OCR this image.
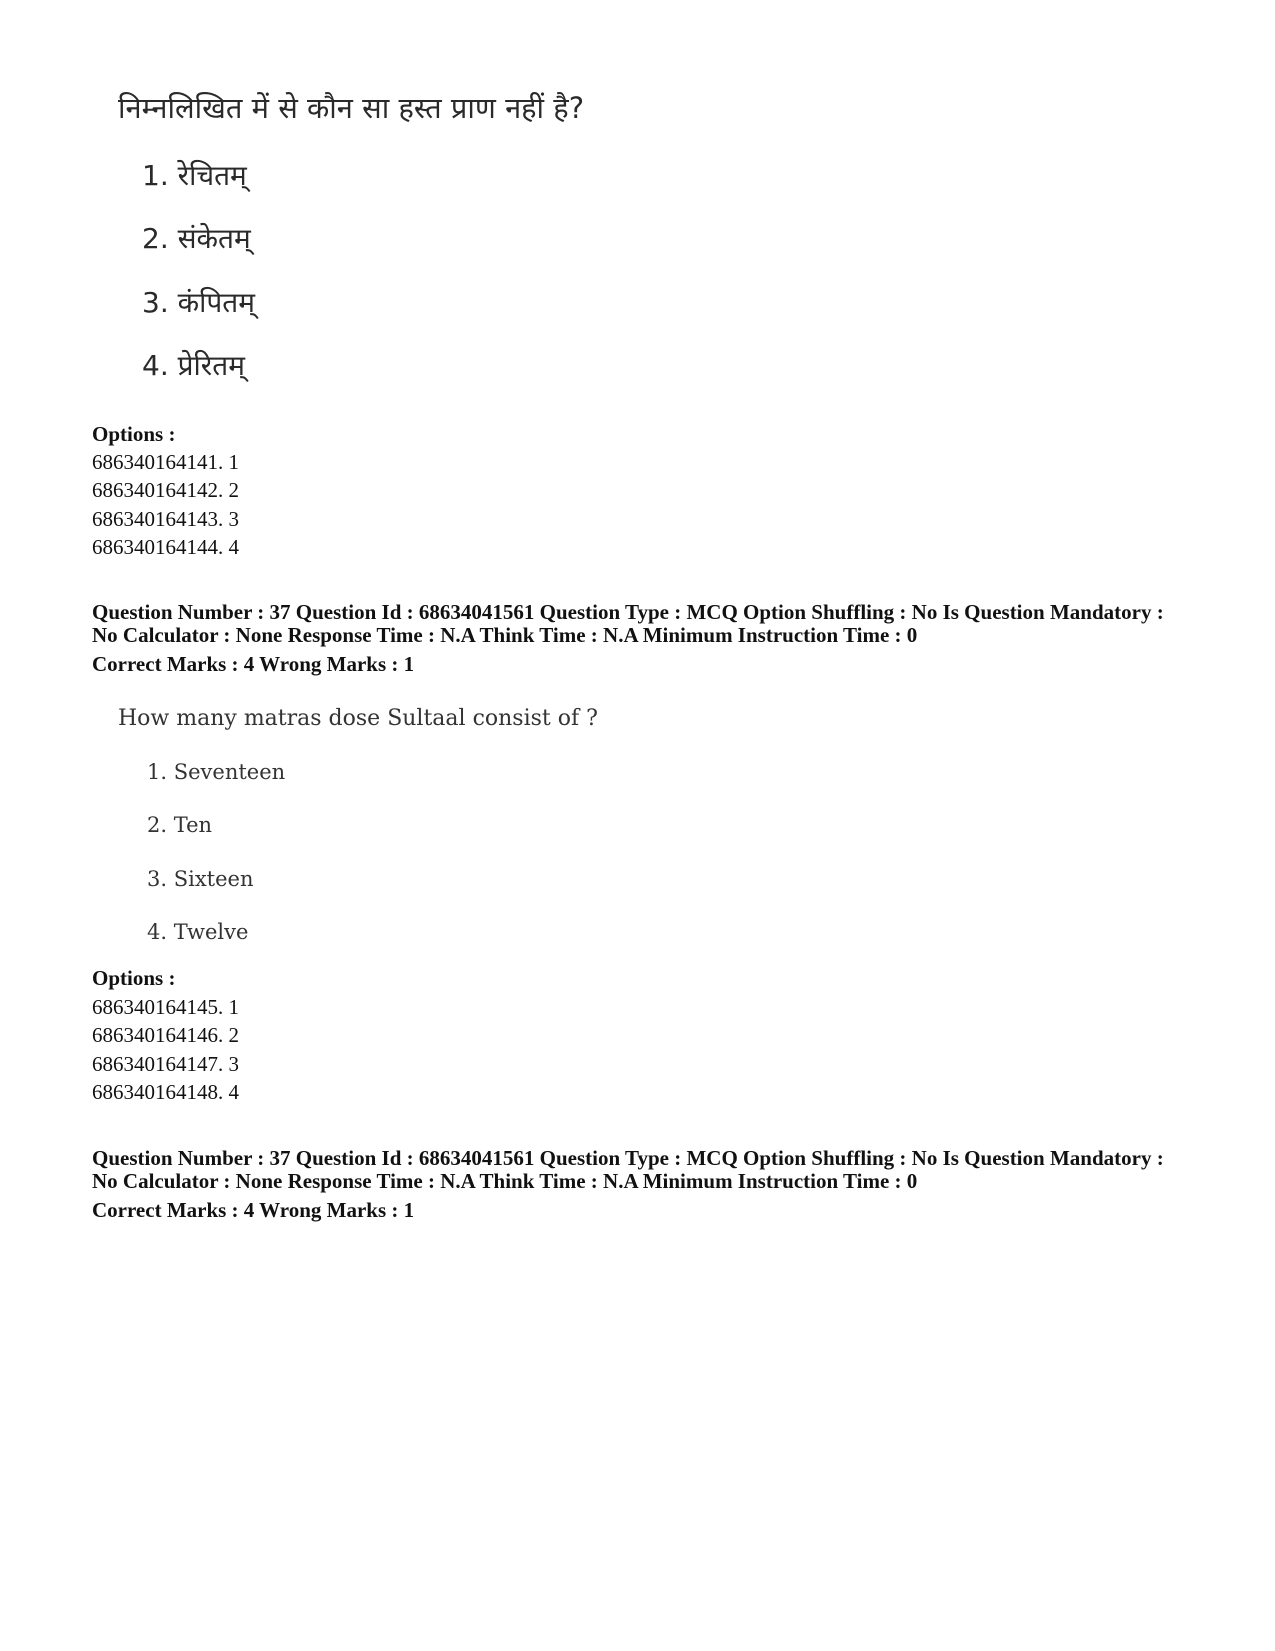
निम्नलिखित में से कौन सा हस्त प्राण नहीं है?
1. रेचितम्
2. संकेतम्
3. कंपितम्
4. प्रेरितम्
Options :
686340164141. 1
686340164142. 2
686340164143. 3
686340164144. 4
Question Number : 37 Question Id : 68634041561 Question Type : MCQ Option Shuffling : No Is Question Mandatory :
No Calculator : None Response Time : N.A Think Time : N.A Minimum Instruction Time : 0
Correct Marks : 4 Wrong Marks : 1
How many matras dose Sultaal consist of ?
1. Seventeen
2. Ten
3. Sixteen
4. Twelve
Options :
686340164145. 1
686340164146. 2
686340164147. 3
686340164148. 4
Question Number : 37 Question Id : 68634041561 Question Type : MCQ Option Shuffling : No Is Question Mandatory :
No Calculator : None Response Time : N.A Think Time : N.A Minimum Instruction Time : 0
Correct Marks : 4 Wrong Marks : 1
